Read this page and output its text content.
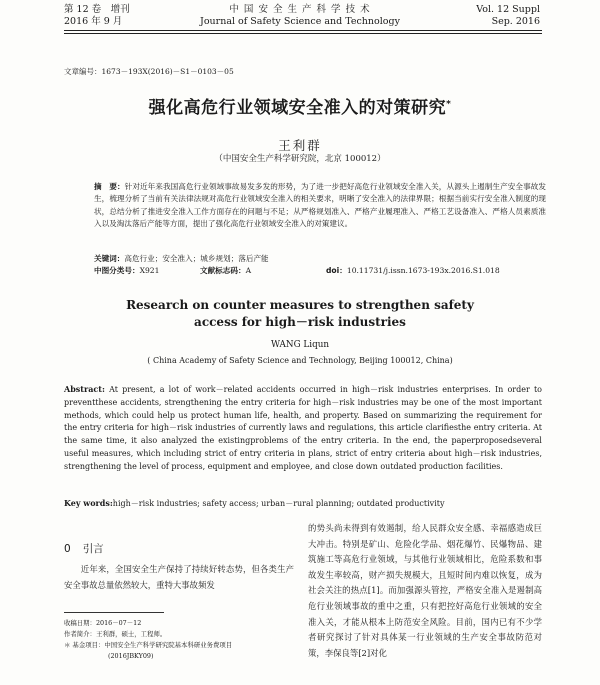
第 12 卷　增刊
2016 年 9 月
中 国 安 全 生 产 科 学 技 术
Journal of Safety Science and Technology
Vol. 12 Suppl
Sep. 2016
文章编号：1673－193X(2016)－S1－0103－05
强化高危行业领域安全准入的对策研究*
王利群
（中国安全生产科学研究院，北京 100012）
摘　要：针对近年来我国高危行业领域事故易发多发的形势，为了进一步把好高危行业领域安全准入关，从源头上遏制生产安全事故发生，梳理分析了当前有关法律法规对高危行业领域安全准入的相关要求，明晰了安全准入的法律界限；根据当前实行安全准入制度的现状，总结分析了推进安全准入工作方面存在的问题与不足；从严格规划准入、严格产业履理准入、严格工艺设备准入、严格人员素质准入以及淘汰落后产能等方面，提出了强化高危行业领域安全准入的对策建议。
关键词：高危行业；安全准入；城乡规划；落后产能
中图分类号：X921	文献标志码：A	doi：10.11731/j.issn.1673-193x.2016.S1.018
Research on counter measures to strengthen safety
access for high－risk industries
WANG Liqun
( China Academy of Safety Science and Technology, Beijing 100012, China)
Abstract: At present, a lot of work－related accidents occurred in high－risk industries enterprises. In order to preventthese accidents, strengthening the entry criteria for high－risk industries may be one of the most important methods, which could help us protect human life, health, and property. Based on summarizing the requirement for the entry criteria for high－risk industries of currently laws and regulations, this article clarifiesthe entry criteria. At the same time, it also analyzed the existingproblems of the entry criteria. In the end, the paperproposedseveral useful measures, which including strict of entry criteria in plans, strict of entry criteria about high－risk industries, strengthening the level of process, equipment and employee, and close down outdated production facilities.
Key words:high－risk industries; safety access; urban－rural planning; outdated productivity
0 引言
近年来，全国安全生产保持了持续好转态势，但各类生产安全事故总量依然较大，重特大事故频发
收稿日期：2016－07－12
作者简介：王利群，硕士，工程师。
＊ 基金项目：中国安全生产科学研究院基本科研业务费项目
(2016JBKY09)
的势头尚未得到有效遏制，给人民群众安全感、幸福感造成巨大冲击。特别是矿山、危险化学品、烟花爆竹、民爆物品、建筑施工等高危行业领域，与其他行业领域相比，危险系数和事故发生率较高，财产损失规模大，且短时间内难以恢复，成为社会关注的热点[1]。而加强源头管控，严格安全准入是遏制高危行业领域事故的重中之重，只有把控好高危行业领域的安全准入关，才能从根本上防范安全风险。目前，国内已有不少学者研究探讨了针对具体某一行业领域的生产安全事故防范对策，李保良等[2]对化
